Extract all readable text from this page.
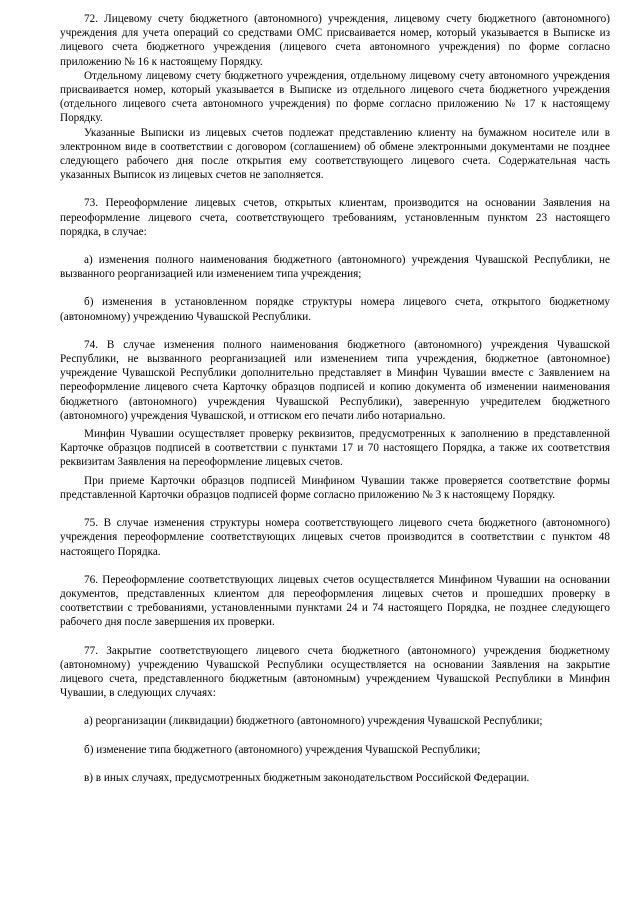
72. Лицевому счету бюджетного (автономного) учреждения, лицевому счету бюджетного (автономного) учреждения для учета операций со средствами ОМС присваивается номер, который указывается в Выписке из лицевого счета бюджетного учреждения (лицевого счета автономного учреждения) по форме согласно приложению № 16 к настоящему Порядку.

Отдельному лицевому счету бюджетного учреждения, отдельному лицевому счету автономного учреждения присваивается номер, который указывается в Выписке из отдельного лицевого счета бюджетного учреждения (отдельного лицевого счета автономного учреждения) по форме согласно приложению № 17 к настоящему Порядку.

Указанные Выписки из лицевых счетов подлежат представлению клиенту на бумажном носителе или в электронном виде в соответствии с договором (соглашением) об обмене электронными документами не позднее следующего рабочего дня после открытия ему соответствующего лицевого счета. Содержательная часть указанных Выписок из лицевых счетов не заполняется.

73. Переоформление лицевых счетов, открытых клиентам, производится на основании Заявления на переоформление лицевого счета, соответствующего требованиям, установленным пунктом 23 настоящего порядка, в случае:

а) изменения полного наименования бюджетного (автономного) учреждения Чувашской Республики, не вызванного реорганизацией или изменением типа учреждения;

б) изменения в установленном порядке структуры номера лицевого счета, открытого бюджетному (автономному) учреждению Чувашской Республики.

74. В случае изменения полного наименования бюджетного (автономного) учреждения Чувашской Республики, не вызванного реорганизацией или изменением типа учреждения, бюджетное (автономное) учреждение Чувашской Республики дополнительно представляет в Минфин Чувашии вместе с Заявлением на переоформление лицевого счета Карточку образцов подписей и копию документа об изменении наименования бюджетного (автономного) учреждения Чувашской Республики), заверенную учредителем бюджетного (автономного) учреждения Чувашской, и оттиском его печати либо нотариально.

Минфин Чувашии осуществляет проверку реквизитов, предусмотренных к заполнению в представленной Карточке образцов подписей в соответствии с пунктами 17 и 70 настоящего Порядка, а также их соответствия реквизитам Заявления на переоформление лицевых счетов.

При приеме Карточки образцов подписей Минфином Чувашии также проверяется соответствие формы представленной Карточки образцов подписей форме согласно приложению № 3 к настоящему Порядку.

75. В случае изменения структуры номера соответствующего лицевого счета бюджетного (автономного) учреждения переоформление соответствующих лицевых счетов производится в соответствии с пунктом 48 настоящего Порядка.

76. Переоформление соответствующих лицевых счетов осуществляется Минфином Чувашии на основании документов, представленных клиентом для переоформления лицевых счетов и прошедших проверку в соответствии с требованиями, установленными пунктами 24 и 74 настоящего Порядка, не позднее следующего рабочего дня после завершения их проверки.

77. Закрытие соответствующего лицевого счета бюджетного (автономного) учреждения бюджетному (автономному) учреждению Чувашской Республики осуществляется на основании Заявления на закрытие лицевого счета, представленного бюджетным (автономным) учреждением Чувашской Республики в Минфин Чувашии, в следующих случаях:

а) реорганизации (ликвидации) бюджетного (автономного) учреждения Чувашской Республики;

б) изменение типа бюджетного (автономного) учреждения Чувашской Республики;

в) в иных случаях, предусмотренных бюджетным законодательством Российской Федерации.
